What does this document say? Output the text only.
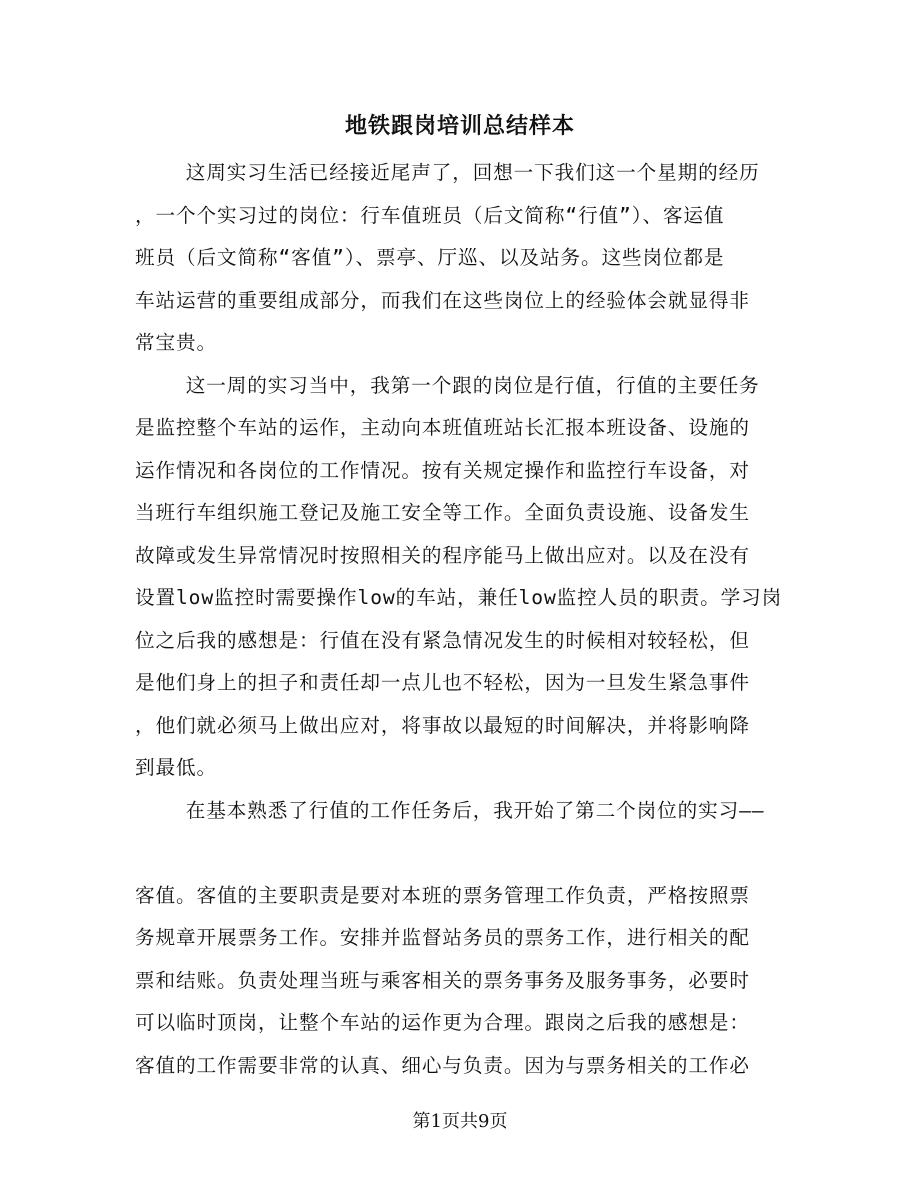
地铁跟岗培训总结样本
这周实习生活已经接近尾声了，回想一下我们这一个星期的经历
，一个个实习过的岗位：行车值班员（后文简称“行值”）、客运值
班员（后文简称“客值”）、票亭、厅巡、以及站务。这些岗位都是
车站运营的重要组成部分，而我们在这些岗位上的经验体会就显得非
常宝贵。
这一周的实习当中，我第一个跟的岗位是行值，行值的主要任务
是监控整个车站的运作，主动向本班值班站长汇报本班设备、设施的
运作情况和各岗位的工作情况。按有关规定操作和监控行车设备，对
当班行车组织施工登记及施工安全等工作。全面负责设施、设备发生
故障或发生异常情况时按照相关的程序能马上做出应对。以及在没有
设置low监控时需要操作low的车站，兼任low监控人员的职责。学习岗
位之后我的感想是：行值在没有紧急情况发生的时候相对较轻松，但
是他们身上的担子和责任却一点儿也不轻松，因为一旦发生紧急事件
，他们就必须马上做出应对，将事故以最短的时间解决，并将影响降
到最低。
在基本熟悉了行值的工作任务后，我开始了第二个岗位的实习——
客值。客值的主要职责是要对本班的票务管理工作负责，严格按照票
务规章开展票务工作。安排并监督站务员的票务工作，进行相关的配
票和结账。负责处理当班与乘客相关的票务事务及服务事务，必要时
可以临时顶岗，让整个车站的运作更为合理。跟岗之后我的感想是：
客值的工作需要非常的认真、细心与负责。因为与票务相关的工作必
第1页共9页
